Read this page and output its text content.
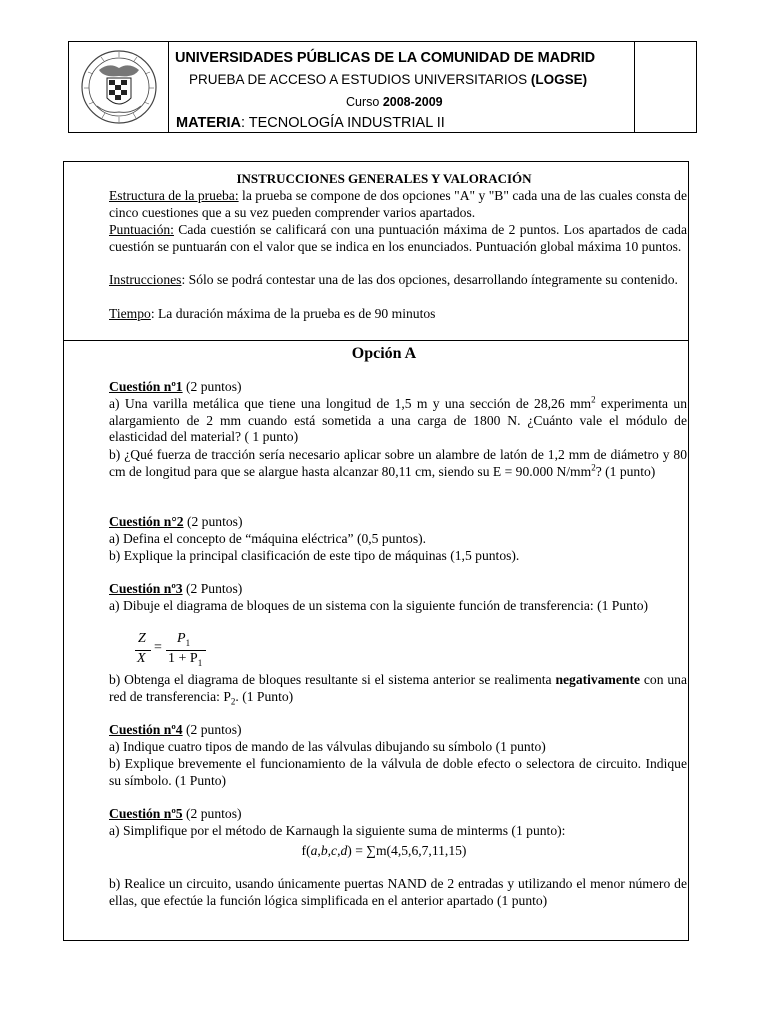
UNIVERSIDADES PÚBLICAS DE LA COMUNIDAD DE MADRID
PRUEBA DE ACCESO A ESTUDIOS UNIVERSITARIOS (LOGSE)
Curso 2008-2009
MATERIA: TECNOLOGÍA INDUSTRIAL II
INSTRUCCIONES GENERALES Y VALORACIÓN
Estructura de la prueba: la prueba se compone de dos opciones "A" y "B" cada una de las cuales consta de cinco cuestiones que a su vez pueden comprender varios apartados.
Puntuación: Cada cuestión se calificará con una puntuación máxima de 2 puntos. Los apartados de cada cuestión se puntuarán con el valor que se indica en los enunciados. Puntuación global máxima 10 puntos.
Instrucciones: Sólo se podrá contestar una de las dos opciones, desarrollando íntegramente su contenido.
Tiempo: La duración máxima de la prueba es de 90 minutos
Opción A
Cuestión nº1 (2 puntos)
a) Una varilla metálica que tiene una longitud de 1,5 m y una sección de 28,26 $mm^2$ experimenta un alargamiento de 2 mm cuando está sometida a una carga de 1800 N. ¿Cuánto vale el módulo de elasticidad del material? ( 1 punto)
b) ¿Qué fuerza de tracción sería necesario aplicar sobre un alambre de latón de 1,2 mm de diámetro y 80 cm de longitud para que se alargue hasta alcanzar 80,11 cm, siendo su E = 90.000 $N/mm^2$? (1 punto)
Cuestión n°2 (2 puntos)
a) Defina el concepto de “máquina eléctrica” (0,5 puntos).
b) Explique la principal clasificación de este tipo de máquinas (1,5 puntos).
Cuestión nº3 (2 Puntos)
a) Dibuje el diagrama de bloques de un sistema con la siguiente función de transferencia: (1 Punto)
Z
X
=
$P_1$
$1 + P_1$
b) Obtenga el diagrama de bloques resultante si el sistema anterior se realimenta negativamente con una red de transferencia: $P_2$. (1 Punto)
Cuestión nº4 (2 puntos)
a) Indique cuatro tipos de mando de las válvulas dibujando su símbolo (1 punto)
b) Explique brevemente el funcionamiento de la válvula de doble efecto o selectora de circuito. Indique su símbolo. (1 Punto)
Cuestión nº5 (2 puntos)
a) Simplifique por el método de Karnaugh la siguiente suma de minterms (1 punto):
f(a,b,c,d) = ∑m(4,5,6,7,11,15)
b) Realice un circuito, usando únicamente puertas NAND de 2 entradas y utilizando el menor número de ellas, que efectúe la función lógica simplificada en el anterior apartado (1 punto)
